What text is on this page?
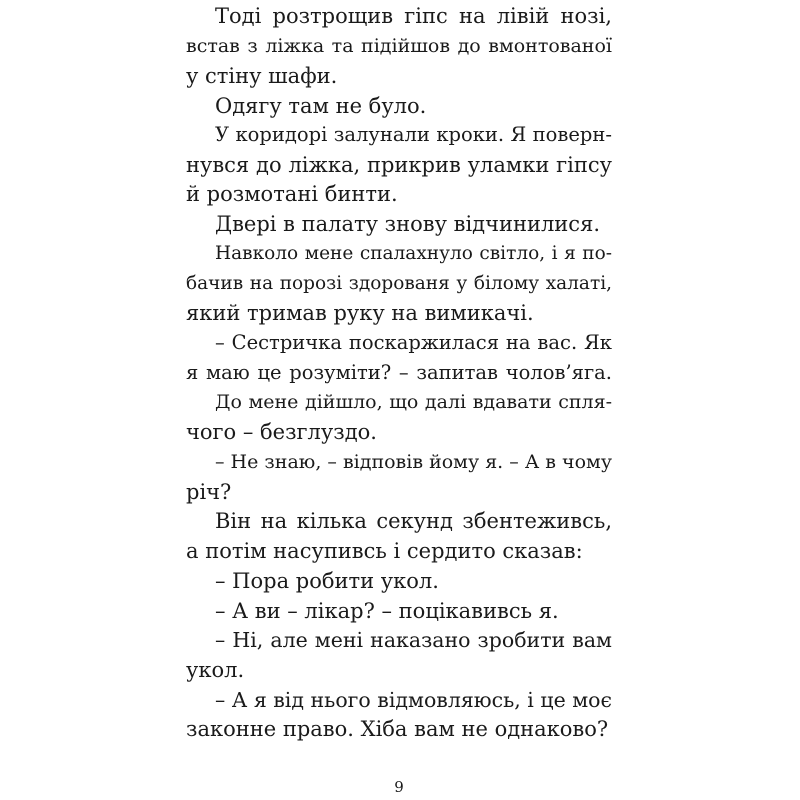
Тоді розтрощив гіпс на лівій нозі,
встав з ліжка та підійшов до вмонтованої
у стіну шафи.
Одягу там не було.
У коридорі залунали кроки. Я поверн-
нувся до ліжка, прикрив уламки гіпсу
й розмотані бинти.
Двері в палату знову відчинилися.
Навколо мене спалахнуло світло, і я по-
бачив на порозі здорованя у білому халаті,
який тримав руку на вимикачі.
– Сестричка поскаржилася на вас. Як
я маю це розуміти? – запитав чолов’яга.
До мене дійшло, що далі вдавати спля-
чого – безглуздо.
– Не знаю, – відповів йому я. – А в чому
річ?
Він на кілька секунд збентеживсь,
а потім насупивсь і сердито сказав:
– Пора робити укол.
– А ви – лікар? – поцікавивсь я.
– Ні, але мені наказано зробити вам
укол.
– А я від нього відмовляюсь, і це моє
законне право. Хіба вам не однаково?
9
